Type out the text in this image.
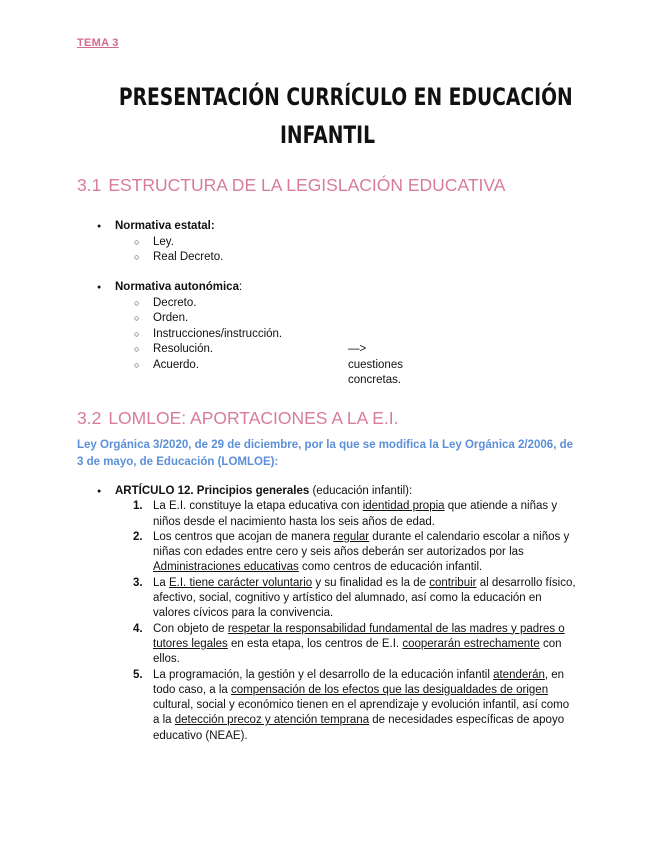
TEMA 3
PRESENTACIÓN CURRÍCULO EN EDUCACIÓN
INFANTIL
3.1 ESTRUCTURA DE LA LEGISLACIÓN EDUCATIVA
● Normativa estatal:
○ Ley.
○ Real Decreto.
● Normativa autonómica:
○ Decreto.
○ Orden.
○ Instrucciones/instrucción.
○ Resolución.	—> cuestiones concretas.
○ Acuerdo.
3.2 LOMLOE: APORTACIONES A LA E.I.
Ley Orgánica 3/2020, de 29 de diciembre, por la que se modifica la Ley Orgánica 2/2006, de 3 de mayo, de Educación (LOMLOE):
● ARTÍCULO 12. Principios generales (educación infantil):
1. La E.I. constituye la etapa educativa con identidad propia que atiende a niñas y niños desde el nacimiento hasta los seis años de edad.
2. Los centros que acojan de manera regular durante el calendario escolar a niños y niñas con edades entre cero y seis años deberán ser autorizados por las Administraciones educativas como centros de educación infantil.
3. La E.I. tiene carácter voluntario y su finalidad es la de contribuir al desarrollo físico, afectivo, social, cognitivo y artístico del alumnado, así como la educación en valores cívicos para la convivencia.
4. Con objeto de respetar la responsabilidad fundamental de las madres y padres o tutores legales en esta etapa, los centros de E.I. cooperarán estrechamente con ellos.
5. La programación, la gestión y el desarrollo de la educación infantil atenderán, en todo caso, a la compensación de los efectos que las desigualdades de origen cultural, social y económico tienen en el aprendizaje y evolución infantil, así como a la detección precoz y atención temprana de necesidades específicas de apoyo educativo (NEAE).
